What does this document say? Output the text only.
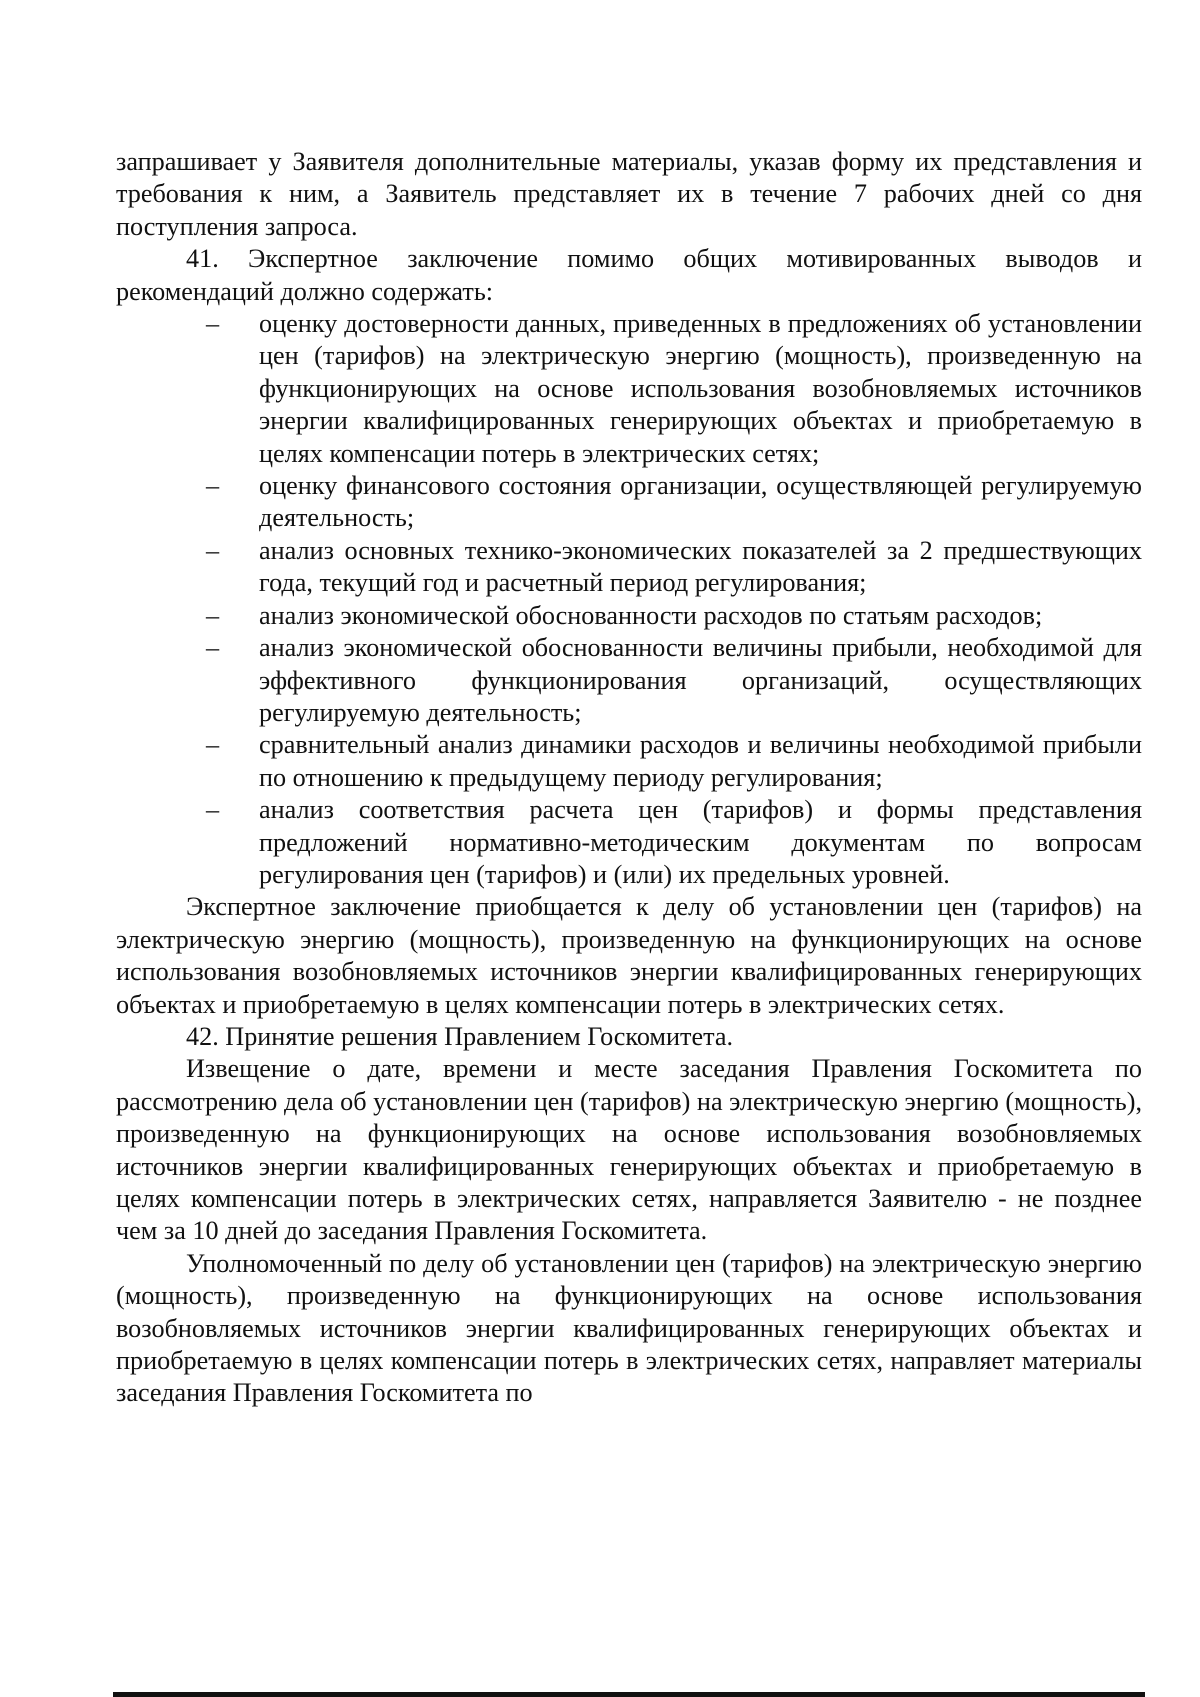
запрашивает у Заявителя дополнительные материалы, указав форму их представления и требования к ним, а Заявитель представляет их в течение 7 рабочих дней со дня поступления запроса.

41. Экспертное заключение помимо общих мотивированных выводов и рекомендаций должно содержать:

– оценку достоверности данных, приведенных в предложениях об установлении цен (тарифов) на электрическую энергию (мощность), произведенную на функционирующих на основе использования возобновляемых источников энергии квалифицированных генерирующих объектах и приобретаемую в целях компенсации потерь в электрических сетях;
– оценку финансового состояния организации, осуществляющей регулируемую деятельность;
– анализ основных технико-экономических показателей за 2 предшествующих года, текущий год и расчетный период регулирования;
– анализ экономической обоснованности расходов по статьям расходов;
– анализ экономической обоснованности величины прибыли, необходимой для эффективного функционирования организаций, осуществляющих регулируемую деятельность;
– сравнительный анализ динамики расходов и величины необходимой прибыли по отношению к предыдущему периоду регулирования;
– анализ соответствия расчета цен (тарифов) и формы представления предложений нормативно-методическим документам по вопросам регулирования цен (тарифов) и (или) их предельных уровней.

Экспертное заключение приобщается к делу об установлении цен (тарифов) на электрическую энергию (мощность), произведенную на функционирующих на основе использования возобновляемых источников энергии квалифицированных генерирующих объектах и приобретаемую в целях компенсации потерь в электрических сетях.

42. Принятие решения Правлением Госкомитета.

Извещение о дате, времени и месте заседания Правления Госкомитета по рассмотрению дела об установлении цен (тарифов) на электрическую энергию (мощность), произведенную на функционирующих на основе использования возобновляемых источников энергии квалифицированных генерирующих объектах и приобретаемую в целях компенсации потерь в электрических сетях, направляется Заявителю - не позднее чем за 10 дней до заседания Правления Госкомитета.

Уполномоченный по делу об установлении цен (тарифов) на электрическую энергию (мощность), произведенную на функционирующих на основе использования возобновляемых источников энергии квалифицированных генерирующих объектах и приобретаемую в целях компенсации потерь в электрических сетях, направляет материалы заседания Правления Госкомитета по
